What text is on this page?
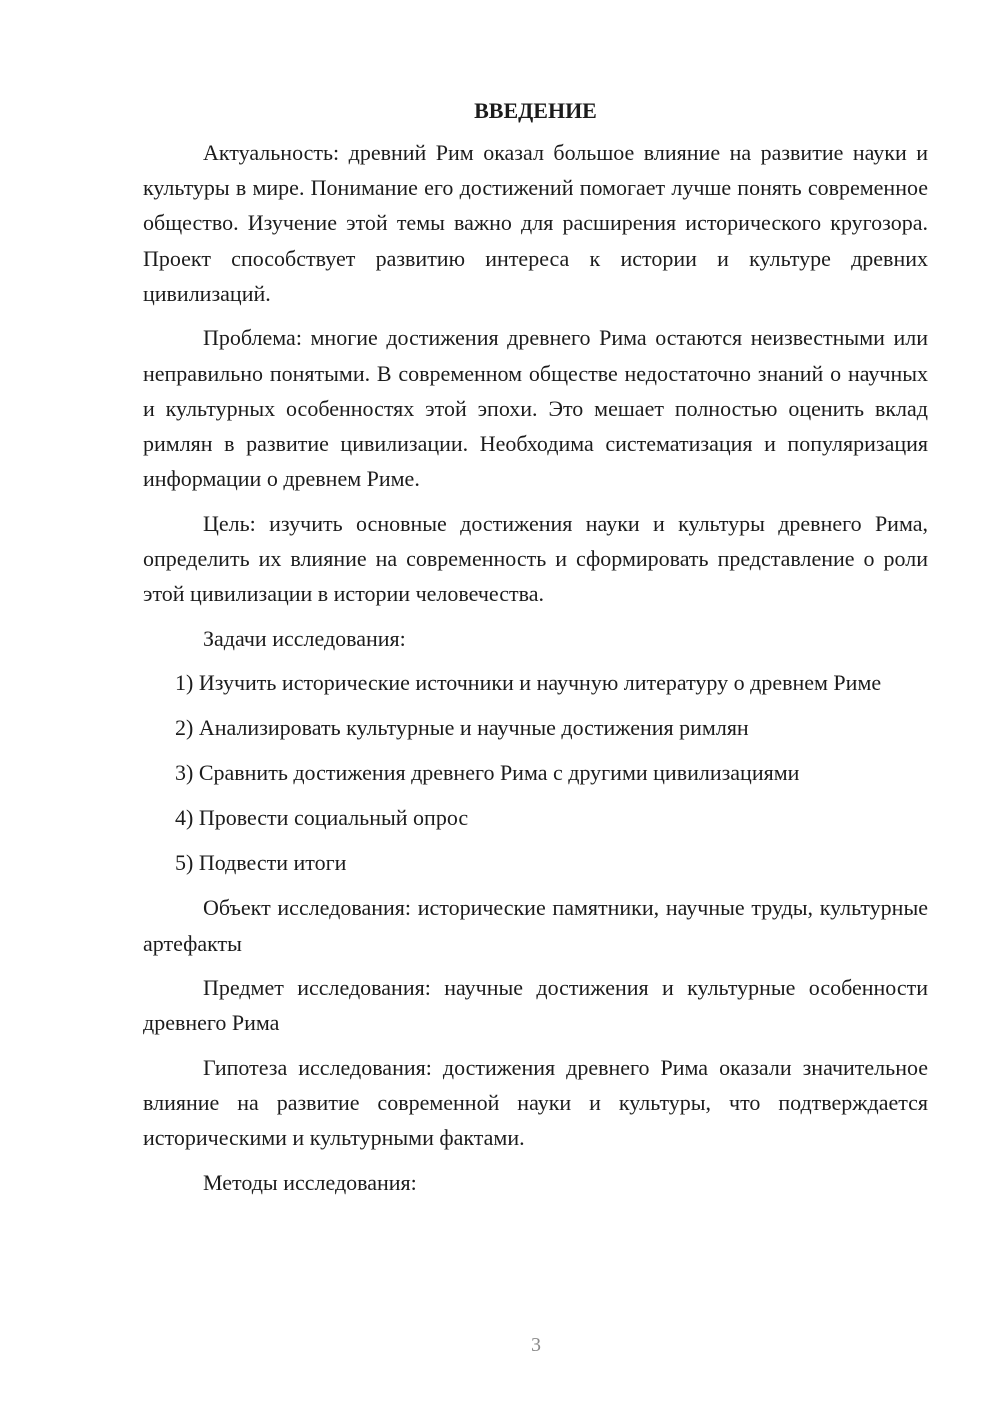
ВВЕДЕНИЕ

Актуальность: древний Рим оказал большое влияние на развитие науки и культуры в мире. Понимание его достижений помогает лучше понять современное общество. Изучение этой темы важно для расширения исторического кругозора. Проект способствует развитию интереса к истории и культуре древних цивилизаций.

Проблема: многие достижения древнего Рима остаются неизвестными или неправильно понятыми. В современном обществе недостаточно знаний о научных и культурных особенностях этой эпохи. Это мешает полностью оценить вклад римлян в развитие цивилизации. Необходима систематизация и популяризация информации о древнем Риме.

Цель: изучить основные достижения науки и культуры древнего Рима, определить их влияние на современность и сформировать представление о роли этой цивилизации в истории человечества.

Задачи исследования:

1) Изучить исторические источники и научную литературу о древнем Риме

2) Анализировать культурные и научные достижения римлян

3) Сравнить достижения древнего Рима с другими цивилизациями

4) Провести социальный опрос

5) Подвести итоги

Объект исследования: исторические памятники, научные труды, культурные артефакты

Предмет исследования: научные достижения и культурные особенности древнего Рима

Гипотеза исследования: достижения древнего Рима оказали значительное влияние на развитие современной науки и культуры, что подтверждается историческими и культурными фактами.

Методы исследования:

3
